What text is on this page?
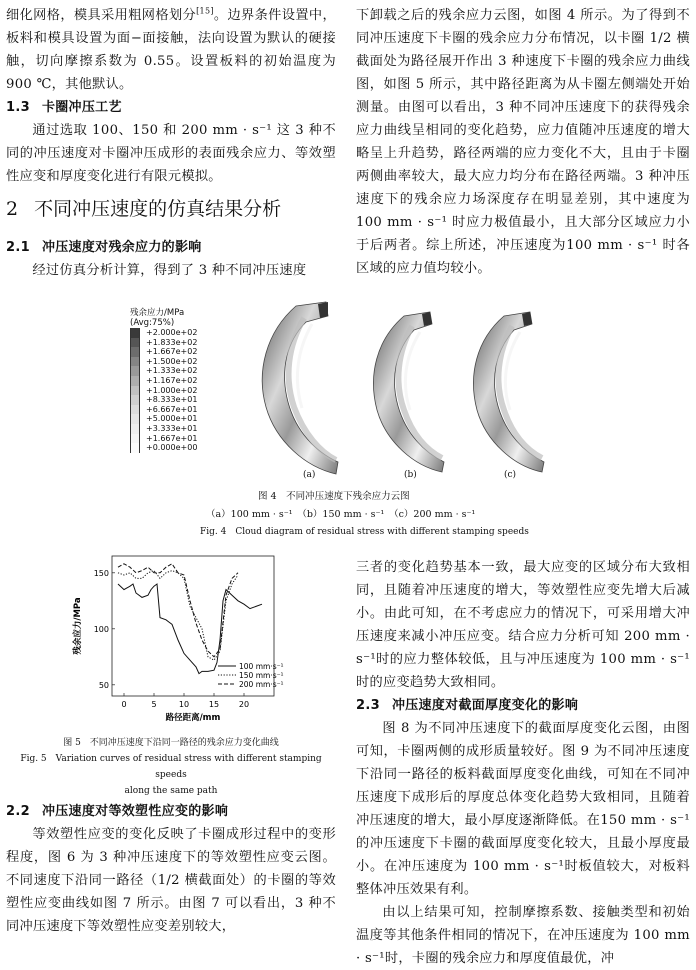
细化网格，模具采用粗网格划分[15]。边界条件设置中，板料和模具设置为面−面接触，法向设置为默认的硬接触，切向摩擦系数为 0.55。设置板料的初始温度为 900 ℃，其他默认。

1.3 卡圈冲压工艺

通过选取 100、150 和 200 mm · s⁻¹ 这 3 种不同的冲压速度对卡圈冲压成形的表面残余应力、等效塑性应变和厚度变化进行有限元模拟。

2 不同冲压速度的仿真结果分析
2.1 冲压速度对残余应力的影响

经过仿真分析计算，得到了 3 种不同冲压速度

下卸载之后的残余应力云图，如图 4 所示。为了得到不同冲压速度下卡圈的残余应力分布情况，以卡圈 1/2 横截面处为路径展开作出 3 种速度下卡圈的残余应力曲线图，如图 5 所示，其中路径距离为从卡圈左侧端处开始测量。由图可以看出，3 种不同冲压速度下的获得残余应力曲线呈相同的变化趋势，应力值随冲压速度的增大略呈上升趋势，路径两端的应力变化不大，且由于卡圈两侧曲率较大，最大应力均分布在路径两端。3 种冲压速度下的残余应力场深度存在明显差别，其中速度为 100 mm · s⁻¹ 时应力极值最小，且大部分区域应力小于后两者。综上所述，冲压速度为100 mm · s⁻¹ 时各区域的应力值均较小。

残余应力/MPa
(Avg:75%)
+2.000e+02
+1.833e+02
+1.667e+02
+1.500e+02
+1.333e+02
+1.167e+02
+1.000e+02
+8.333e+01
+6.667e+01
+5.000e+01
+3.333e+01
+1.667e+01
+0.000e+00
(a)	(b)	(c)
图 4　不同冲压速度下残余应力云图
（a）100 mm · s⁻¹　（b）150 mm · s⁻¹　（c）200 mm · s⁻¹
Fig. 4　Cloud diagram of residual stress with different stamping speeds
0	5	10 15 20
50
100
150
路径距离/mm
残余应力/MPa
100 mm·s⁻¹
150 mm·s⁻¹
200 mm·s⁻¹
图 5　不同冲压速度下沿同一路径的残余应力变化曲线
Fig. 5　Variation curves of residual stress with different stamping speeds
along the same path
2.2 冲压速度对等效塑性应变的影响

等效塑性应变的变化反映了卡圈成形过程中的变形程度，图 6 为 3 种冲压速度下的等效塑性应变云图。不同速度下沿同一路径（1/2 横截面处）的卡圈的等效塑性应变曲线如图 7 所示。由图 7 可以看出，3 种不同冲压速度下等效塑性应变差别较大，

三者的变化趋势基本一致，最大应变的区域分布大致相同，且随着冲压速度的增大，等效塑性应变先增大后减小。由此可知，在不考虑应力的情况下，可采用增大冲压速度来减小冲压应变。结合应力分析可知 200 mm · s⁻¹时的应力整体较低，且与冲压速度为 100 mm · s⁻¹时的应变趋势大致相同。

2.3 冲压速度对截面厚度变化的影响

图 8 为不同冲压速度下的截面厚度变化云图，由图可知，卡圈两侧的成形质量较好。图 9 为不同冲压速度下沿同一路径的板料截面厚度变化曲线，可知在不同冲压速度下成形后的厚度总体变化趋势大致相同，且随着冲压速度的增大，最小厚度逐渐降低。在150 mm · s⁻¹的冲压速度下卡圈的截面厚度变化较大，且最小厚度最小。在冲压速度为 100 mm · s⁻¹时板值较大，对板料整体冲压效果有利。

由以上结果可知，控制摩擦系数、接触类型和初始温度等其他条件相同的情况下，在冲压速度为 100 mm · s⁻¹时，卡圈的残余应力和厚度值最优，冲
